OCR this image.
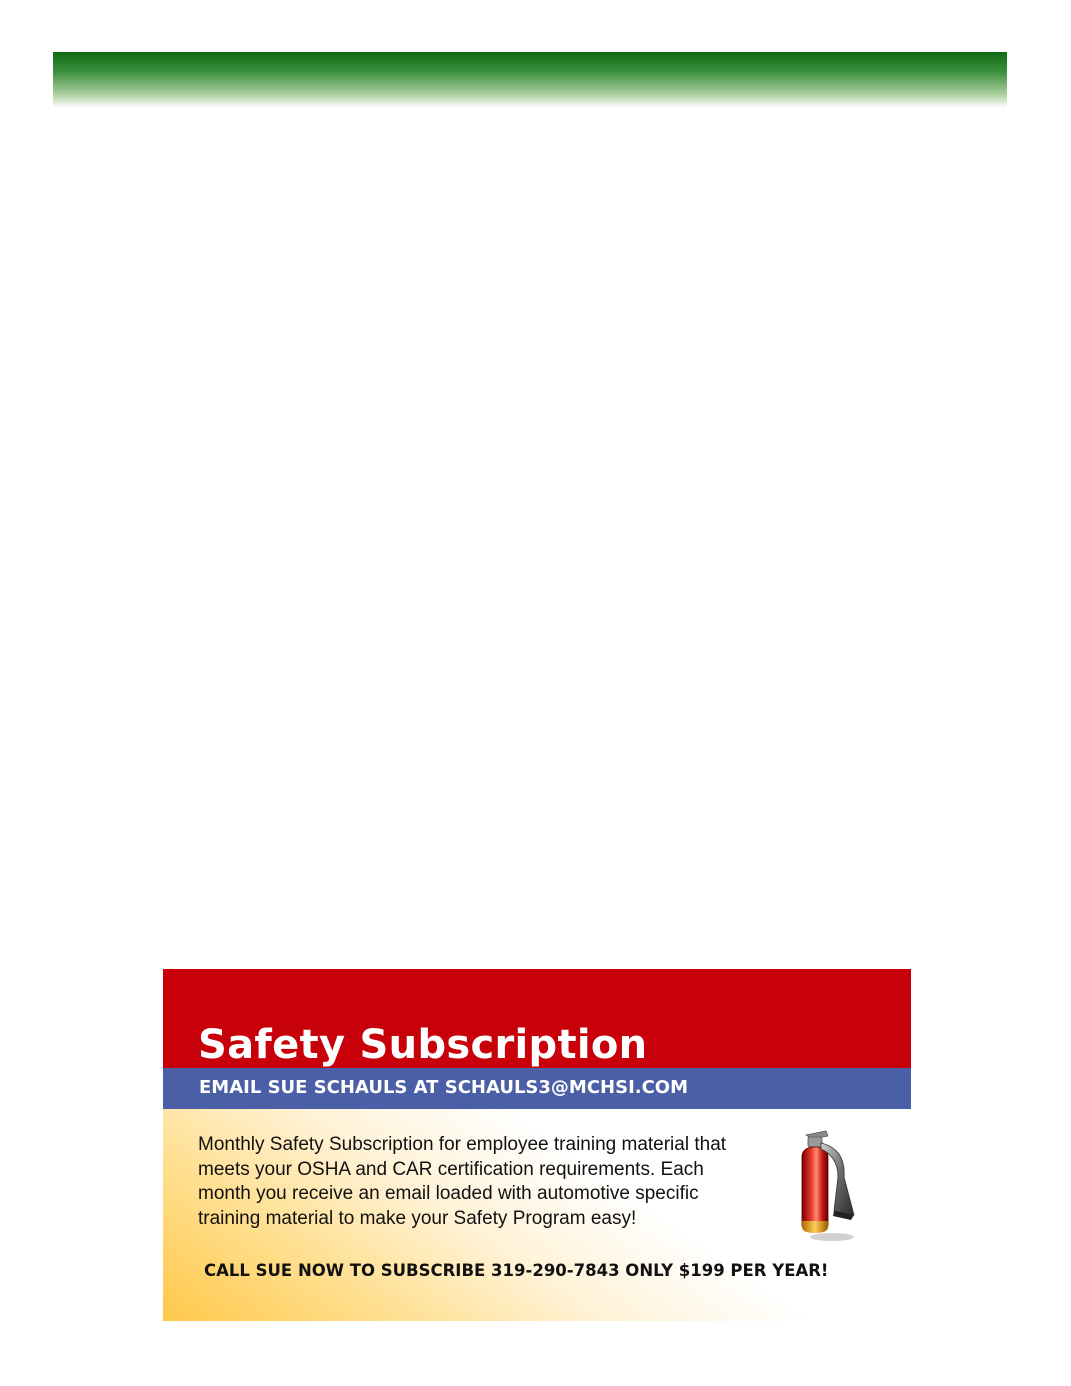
Safety Subscription
EMAIL SUE SCHAULS AT SCHAULS3@MCHSI.COM
Monthly Safety Subscription for employee training material that meets your OSHA and CAR certification requirements. Each month you receive an email loaded with automotive specific training material to make your Safety Program easy!
CALL SUE NOW TO SUBSCRIBE 319-290-7843 ONLY $199 PER YEAR!
